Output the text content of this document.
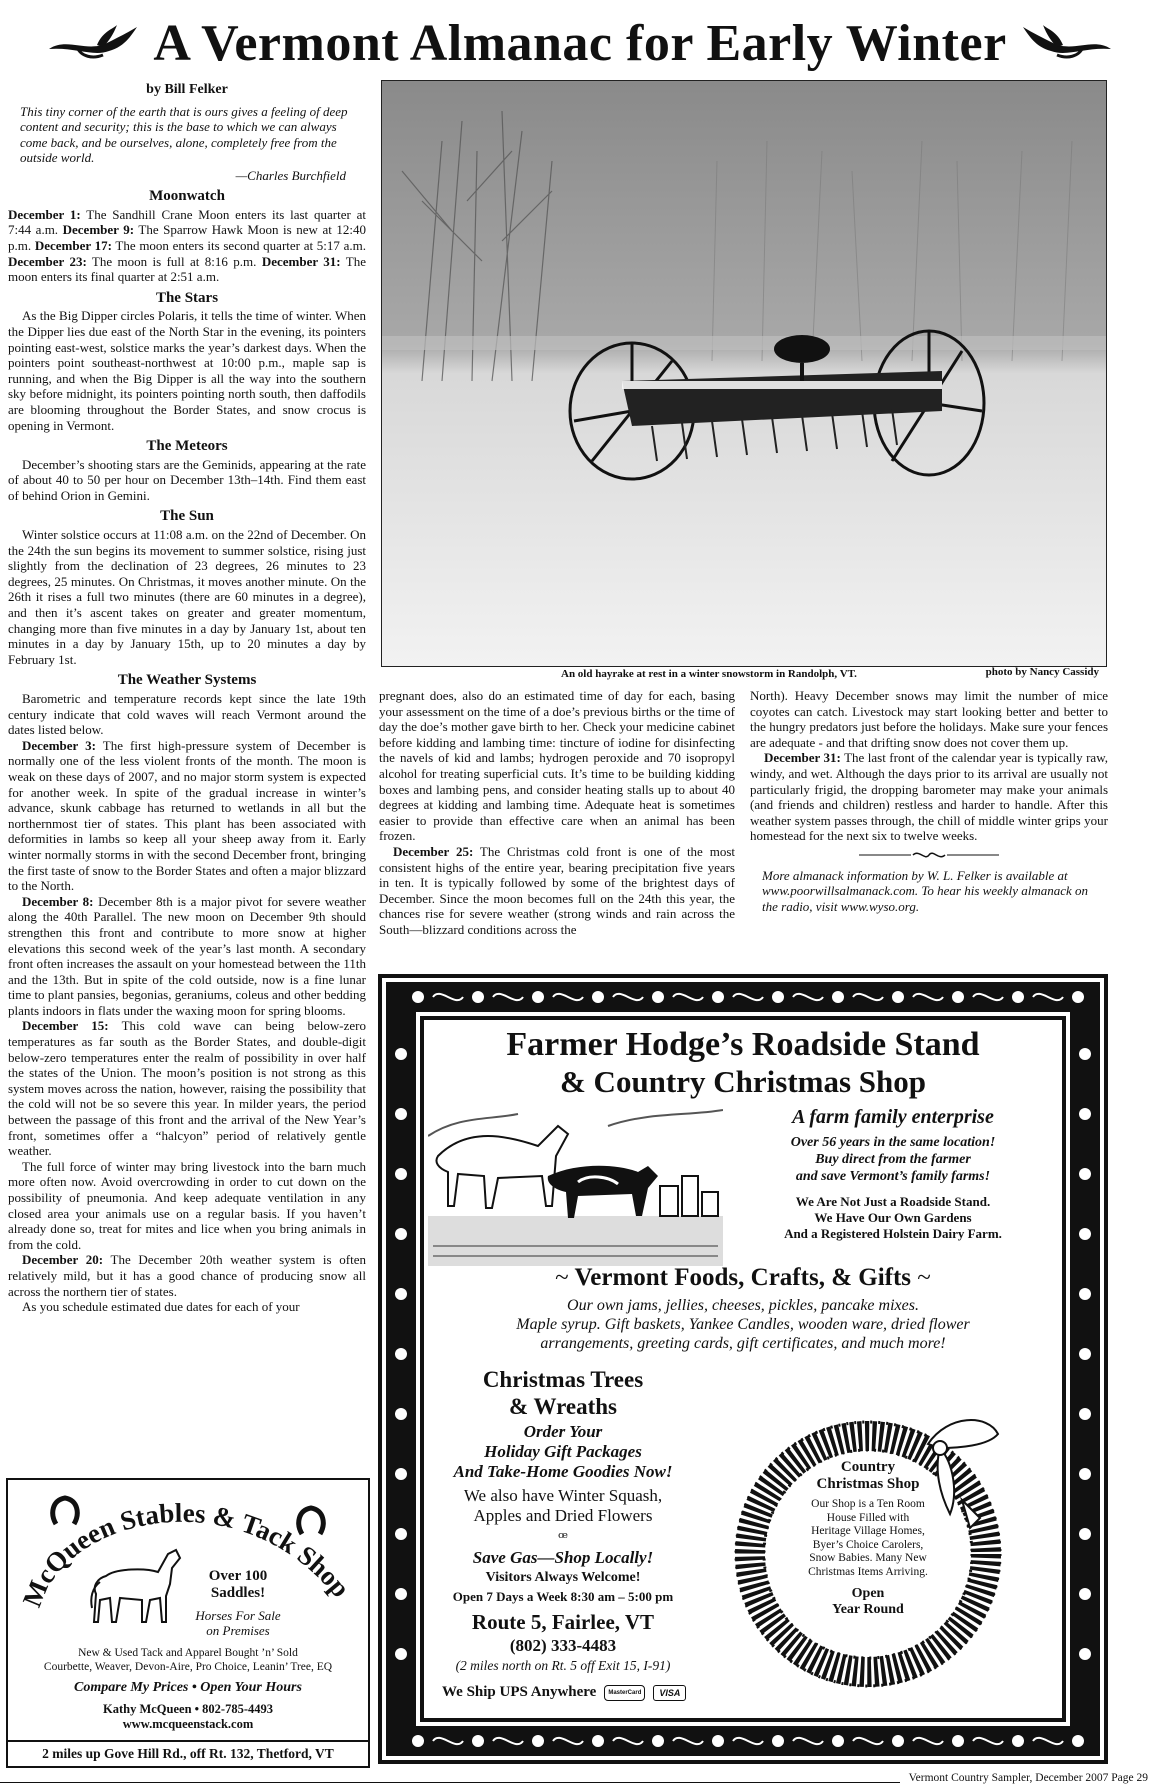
A Vermont Almanac for Early Winter
by Bill Felker
This tiny corner of the earth that is ours gives a feeling of deep content and security; this is the base to which we can always come back, and be ourselves, alone, completely free from the outside world.
—Charles Burchfield
Moonwatch

December 1: The Sandhill Crane Moon enters its last quarter at 7:44 a.m. December 9: The Sparrow Hawk Moon is new at 12:40 p.m. December 17: The moon enters its second quarter at 5:17 a.m. December 23: The moon is full at 8:16 p.m. December 31: The moon enters its final quarter at 2:51 a.m.

The Stars

As the Big Dipper circles Polaris, it tells the time of winter. When the Dipper lies due east of the North Star in the evening, its pointers pointing east-west, solstice marks the year’s darkest days. When the pointers point southeast-northwest at 10:00 p.m., maple sap is running, and when the Big Dipper is all the way into the southern sky before midnight, its pointers pointing north south, then daffodils are blooming throughout the Border States, and snow crocus is opening in Vermont.

The Meteors

December’s shooting stars are the Geminids, appearing at the rate of about 40 to 50 per hour on December 13th–14th. Find them east of behind Orion in Gemini.

The Sun

Winter solstice occurs at 11:08 a.m. on the 22nd of December. On the 24th the sun begins its movement to summer solstice, rising just slightly from the declination of 23 degrees, 26 minutes to 23 degrees, 25 minutes. On Christmas, it moves another minute. On the 26th it rises a full two minutes (there are 60 minutes in a degree), and then it’s ascent takes on greater and greater momentum, changing more than five minutes in a day by January 1st, about ten minutes in a day by January 15th, up to 20 minutes a day by February 1st.

The Weather Systems

Barometric and temperature records kept since the late 19th century indicate that cold waves will reach Vermont around the dates listed below.

December 3: The first high-pressure system of December is normally one of the less violent fronts of the month. The moon is weak on these days of 2007, and no major storm system is expected for another week. In spite of the gradual increase in winter’s advance, skunk cabbage has returned to wetlands in all but the northernmost tier of states. This plant has been associated with deformities in lambs so keep all your sheep away from it. Early winter normally storms in with the second December front, bringing the first taste of snow to the Border States and often a major blizzard to the North.

December 8: December 8th is a major pivot for severe weather along the 40th Parallel. The new moon on December 9th should strengthen this front and contribute to more snow at higher elevations this second week of the year’s last month. A secondary front often increases the assault on your homestead between the 11th and the 13th. But in spite of the cold outside, now is a fine lunar time to plant pansies, begonias, geraniums, coleus and other bedding plants indoors in flats under the waxing moon for spring blooms.

December 15: This cold wave can being below-zero temperatures as far south as the Border States, and double-digit below-zero temperatures enter the realm of possibility in over half the states of the Union. The moon’s position is not strong as this system moves across the nation, however, raising the possibility that the cold will not be so severe this year. In milder years, the period between the passage of this front and the arrival of the New Year’s front, sometimes offer a “halcyon” period of relatively gentle weather.

The full force of winter may bring livestock into the barn much more often now. Avoid overcrowding in order to cut down on the possibility of pneumonia. And keep adequate ventilation in any closed area your animals use on a regular basis. If you haven’t already done so, treat for mites and lice when you bring animals in from the cold.

December 20: The December 20th weather system is often relatively mild, but it has a good chance of producing snow all across the northern tier of states.

As you schedule estimated due dates for each of your

An old hayrake at rest in a winter snowstorm in Randolph, VT.	photo by Nancy Cassidy

pregnant does, also do an estimated time of day for each, basing your assessment on the time of a doe’s previous births or the time of day the doe’s mother gave birth to her. Check your medicine cabinet before kidding and lambing time: tincture of iodine for disinfecting the navels of kid and lambs; hydrogen peroxide and 70 isopropyl alcohol for treating superficial cuts. It’s time to be building kidding boxes and lambing pens, and consider heating stalls up to about 40 degrees at kidding and lambing time. Adequate heat is sometimes easier to provide than effective care when an animal has been frozen.

December 25: The Christmas cold front is one of the most consistent highs of the entire year, bearing precipitation five years in ten. It is typically followed by some of the brightest days of December. Since the moon becomes full on the 24th this year, the chances rise for severe weather (strong winds and rain across the South—blizzard conditions across the

North). Heavy December snows may limit the number of mice coyotes can catch. Livestock may start looking better and better to the hungry predators just before the holidays. Make sure your fences are adequate - and that drifting snow does not cover them up.

December 31: The last front of the calendar year is typically raw, windy, and wet. Although the days prior to its arrival are usually not particularly frigid, the dropping barometer may make your animals (and friends and children) restless and harder to handle. After this weather system passes through, the chill of middle winter grips your homestead for the next six to twelve weeks.

More almanack information by W. L. Felker is available at www.poorwillsalmanack.com. To hear his weekly almanack on the radio, visit www.wyso.org.

McQueen Stables & Tack Shop
Over 100 Saddles!
Horses For Sale on Premises
New & Used Tack and Apparel Bought ’n’ Sold
Courbette, Weaver, Devon-Aire, Pro Choice, Leanin’ Tree, EQ
Compare My Prices • Open Your Hours
Kathy McQueen • 802-785-4493
www.mcqueenstack.com
2 miles up Gove Hill Rd., off Rt. 132, Thetford, VT
Farmer Hodge’s Roadside Stand
& Country Christmas Shop
A farm family enterprise
Over 56 years in the same location!
Buy direct from the farmer
and save Vermont’s family farms!
We Are Not Just a Roadside Stand.
We Have Our Own Gardens
And a Registered Holstein Dairy Farm.
~ Vermont Foods, Crafts, & Gifts ~
Our own jams, jellies, cheeses, pickles, pancake mixes.
Maple syrup. Gift baskets, Yankee Candles, wooden ware, dried flower
arrangements, greeting cards, gift certificates, and much more!
Christmas Trees
& Wreaths
Order Your
Holiday Gift Packages
And Take-Home Goodies Now!
We also have Winter Squash,
Apples and Dried Flowers
ꟹ
Save Gas—Shop Locally!
Visitors Always Welcome!
Open 7 Days a Week 8:30 am – 5:00 pm
Route 5, Fairlee, VT
(802) 333-4483
(2 miles north on Rt. 5 off Exit 15, I-91)
We Ship UPS Anywhere	MasterCard	VISA
Country
Christmas Shop
Our Shop is a Ten Room
House Filled with
Heritage Village Homes,
Byer’s Choice Carolers,
Snow Babies. Many New
Christmas Items Arriving.
Open
Year Round
Vermont Country Sampler, December 2007 Page 29
